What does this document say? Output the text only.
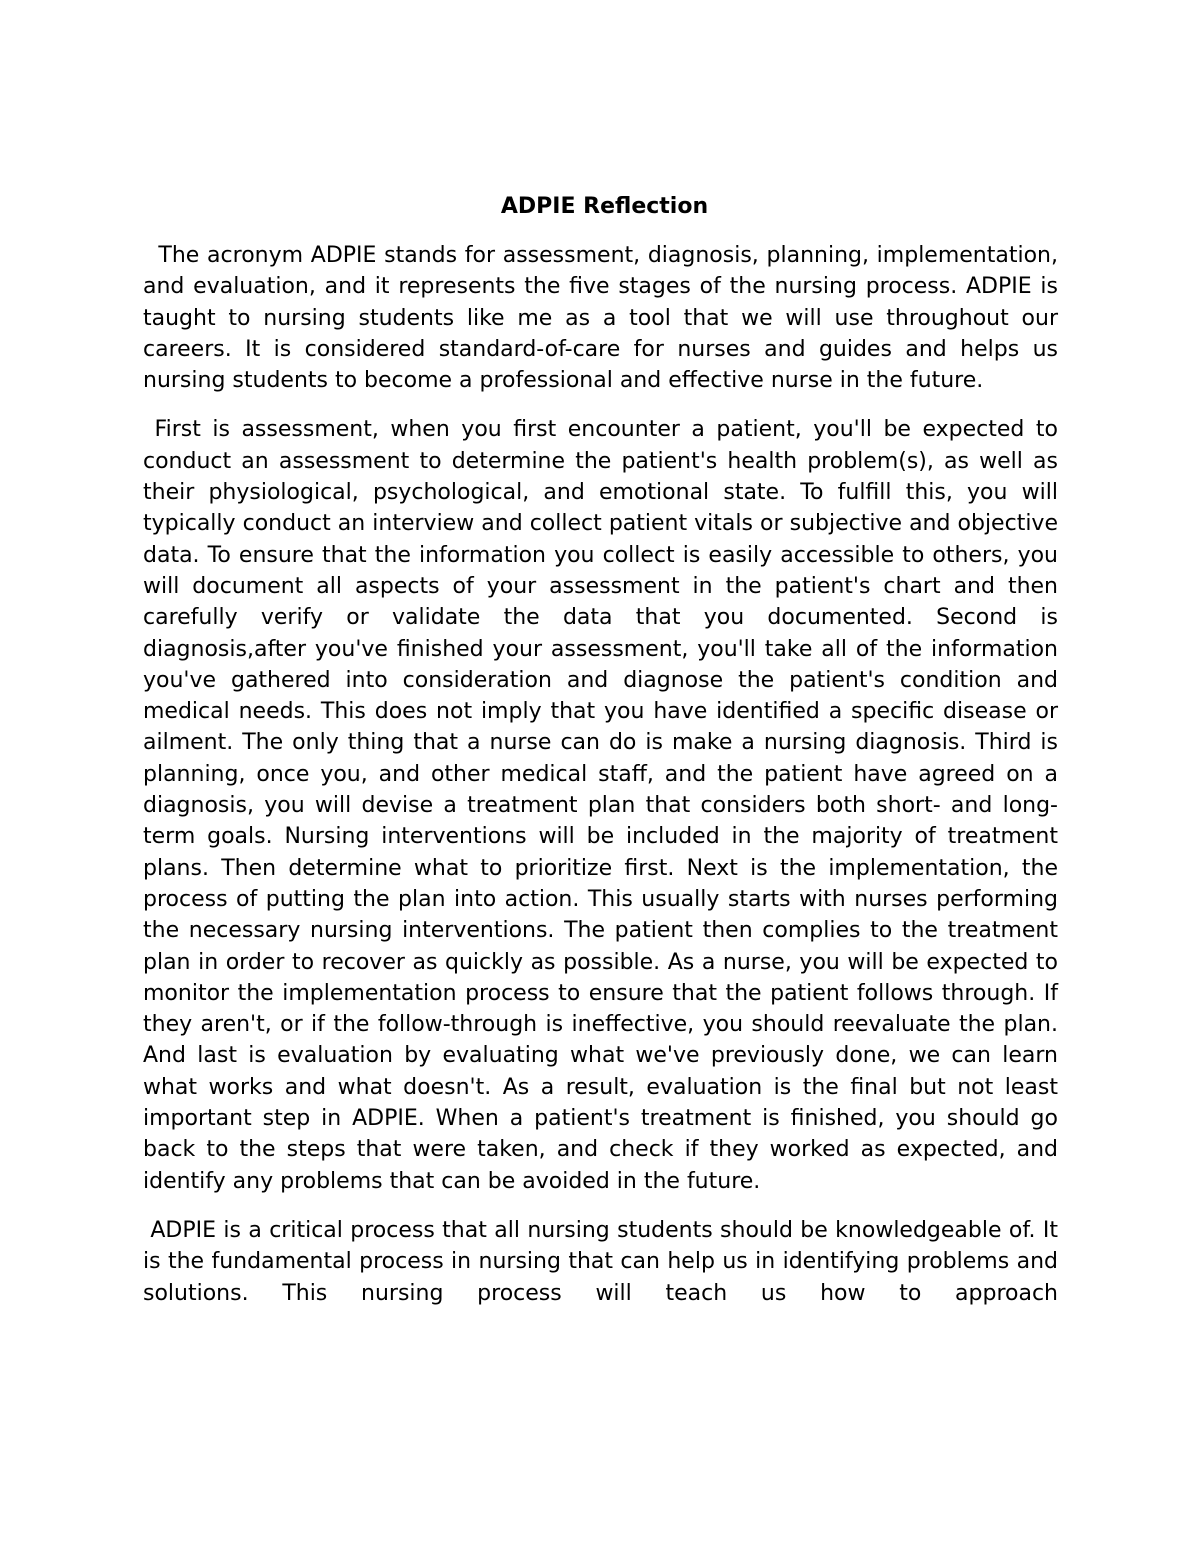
ADPIE Reflection

The acronym ADPIE stands for assessment, diagnosis, planning, implementation, and evaluation, and it represents the five stages of the nursing process. ADPIE is taught to nursing students like me as a tool that we will use throughout our careers. It is considered standard-of-care for nurses and guides and helps us nursing students to become a professional and effective nurse in the future.

First is assessment, when you first encounter a patient, you'll be expected to conduct an assessment to determine the patient's health problem(s), as well as their physiological, psychological, and emotional state. To fulfill this, you will typically conduct an interview and collect patient vitals or subjective and objective data. To ensure that the information you collect is easily accessible to others, you will document all aspects of your assessment in the patient's chart and then carefully verify or validate the data that you documented. Second is diagnosis,after you've finished your assessment, you'll take all of the information you've gathered into consideration and diagnose the patient's condition and medical needs. This does not imply that you have identified a specific disease or ailment. The only thing that a nurse can do is make a nursing diagnosis. Third is planning, once you, and other medical staff, and the patient have agreed on a diagnosis, you will devise a treatment plan that considers both short- and long-term goals. Nursing interventions will be included in the majority of treatment plans. Then determine what to prioritize first. Next is the implementation, the process of putting the plan into action. This usually starts with nurses performing the necessary nursing interventions. The patient then complies to the treatment plan in order to recover as quickly as possible. As a nurse, you will be expected to monitor the implementation process to ensure that the patient follows through. If they aren't, or if the follow-through is ineffective, you should reevaluate the plan. And last is evaluation by evaluating what we've previously done, we can learn what works and what doesn't. As a result, evaluation is the final but not least important step in ADPIE. When a patient's treatment is finished, you should go back to the steps that were taken, and check if they worked as expected, and identify any problems that can be avoided in the future.

ADPIE is a critical process that all nursing students should be knowledgeable of. It is the fundamental process in nursing that can help us in identifying problems and solutions. This nursing process will teach us how to approach
